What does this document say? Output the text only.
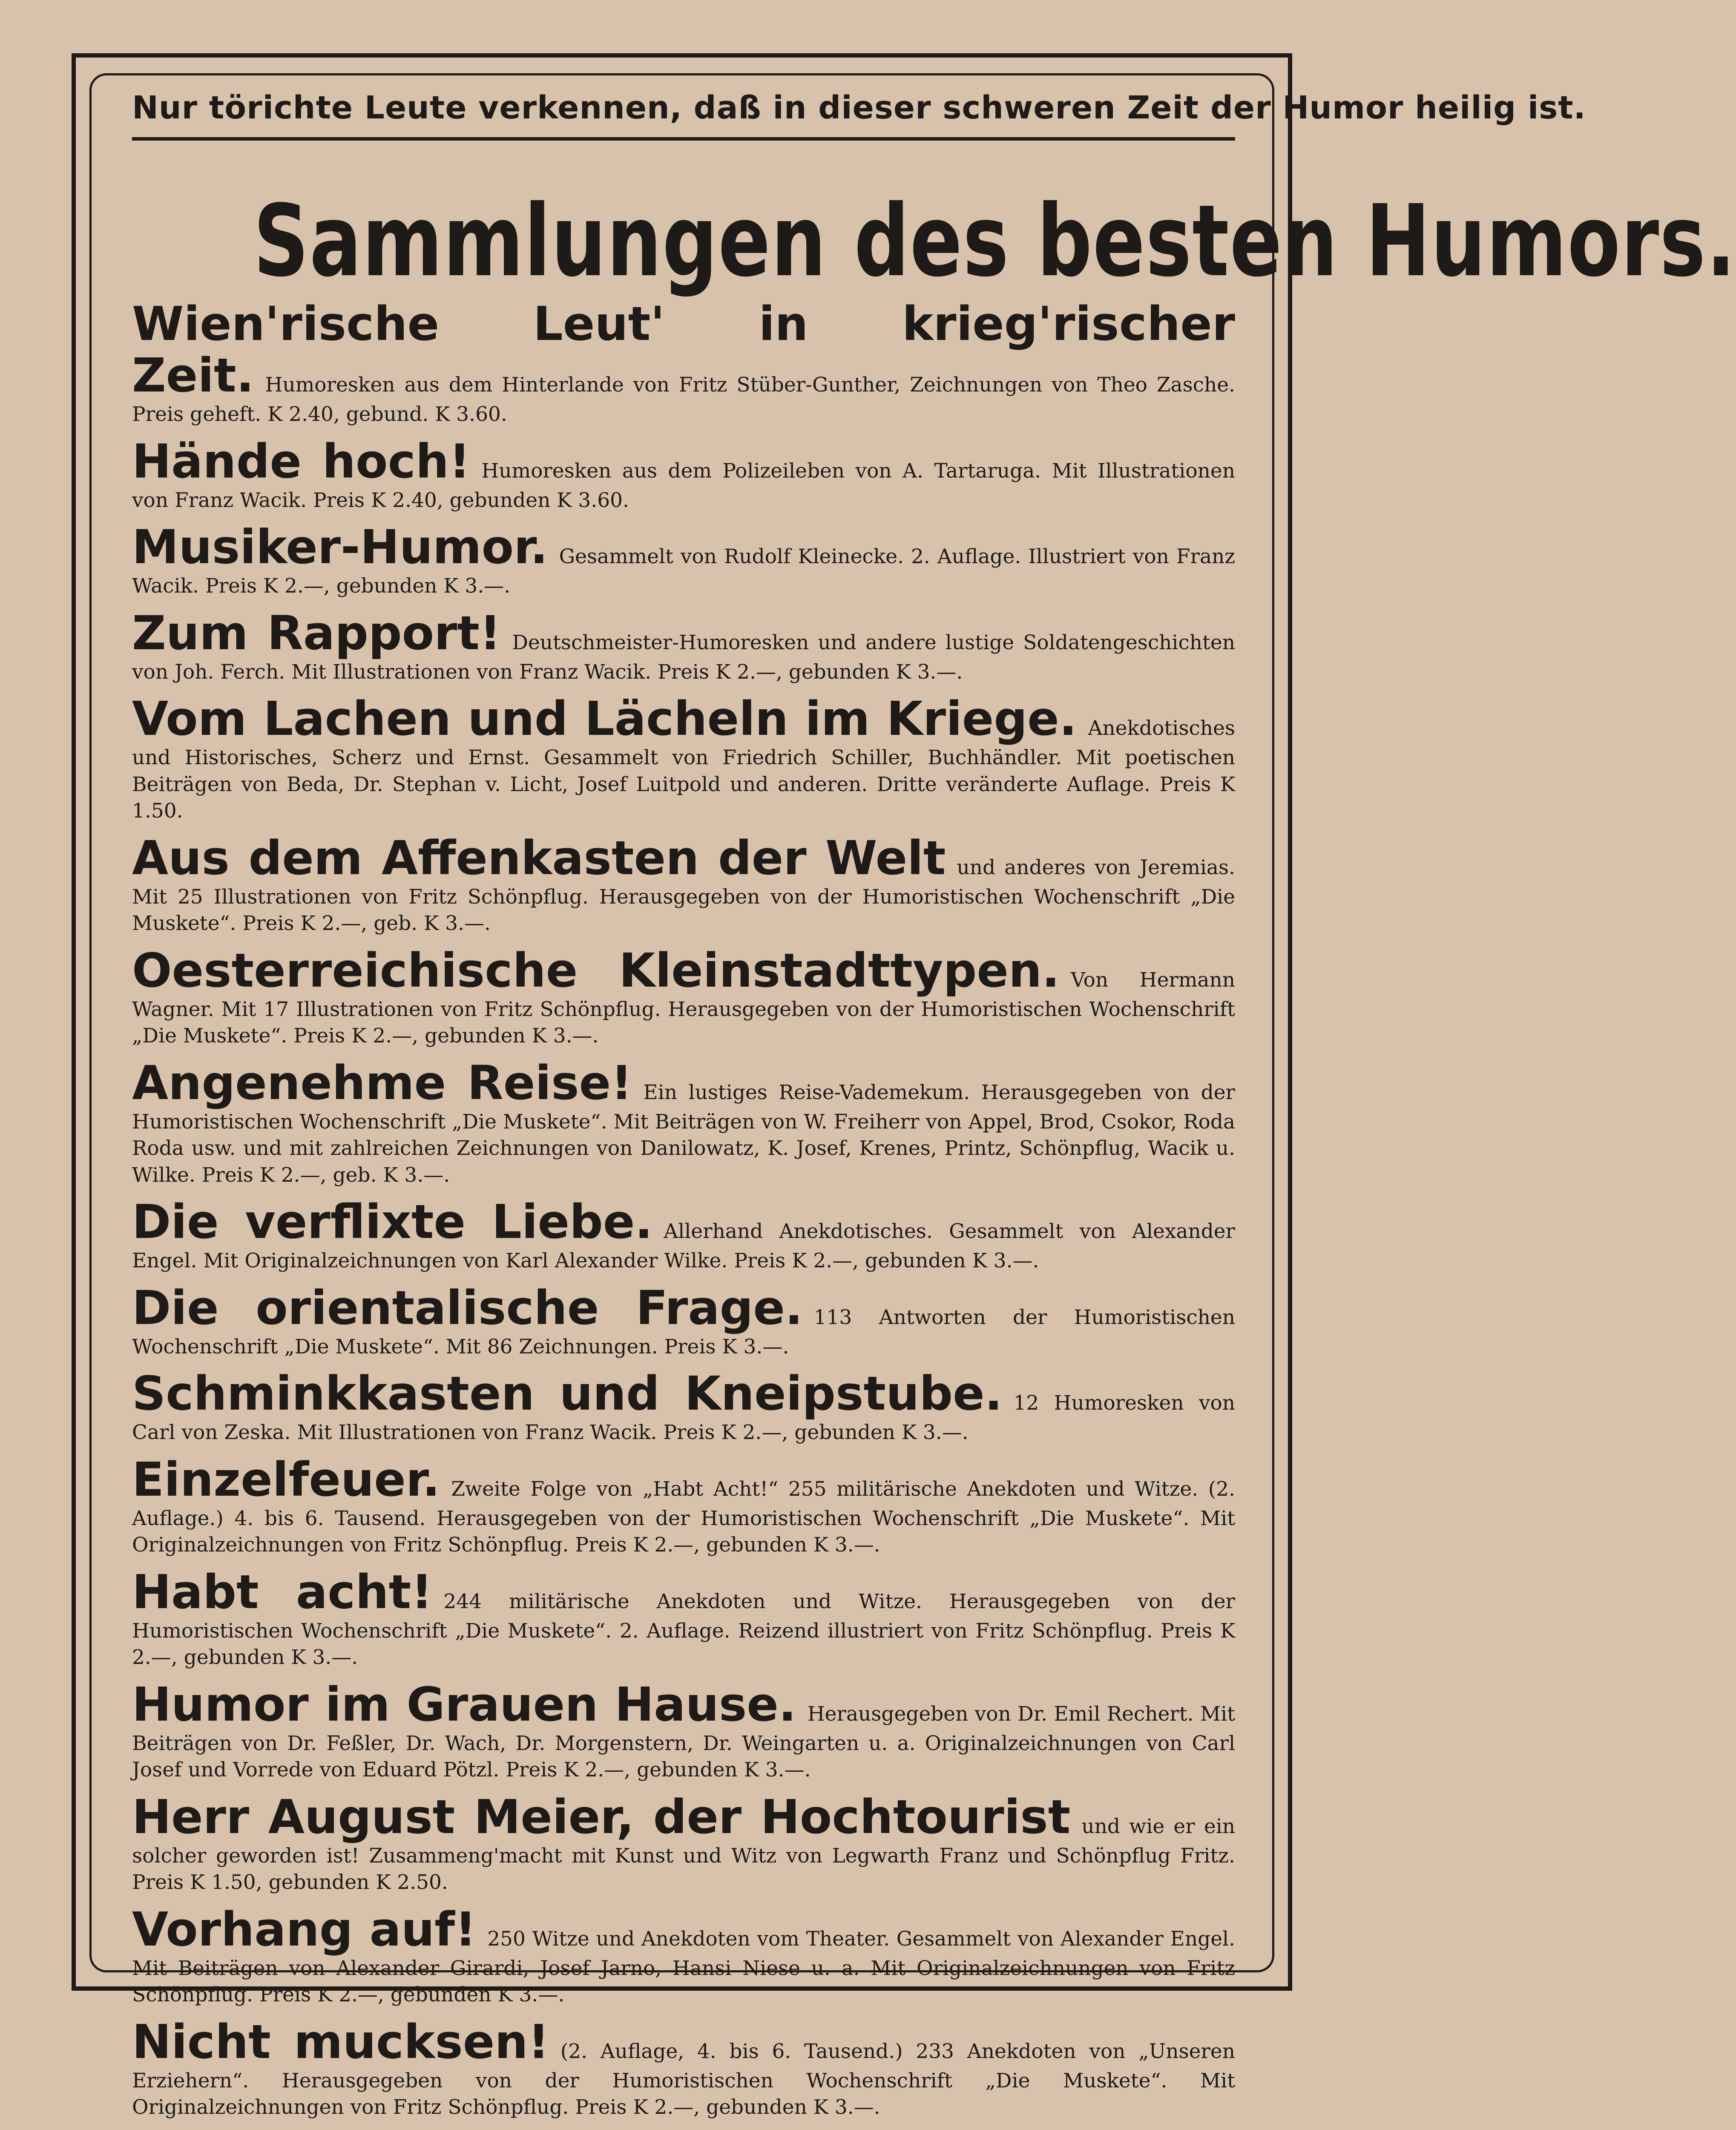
Nur törichte Leute verkennen, daß in dieser schweren Zeit der Humor heilig ist.
Sammlungen des besten Humors.
Wien'rische Leut' in krieg'rischer Zeit. Humoresken aus dem Hinterlande von Fritz Stüber-Gunther, Zeichnungen von Theo Zasche. Preis geheft. K 2.40, gebund. K 3.60.
Hände hoch! Humoresken aus dem Polizeileben von A. Tartaruga. Mit Illustrationen von Franz Wacik. Preis K 2.40, gebunden K 3.60.
Musiker-Humor. Gesammelt von Rudolf Kleinecke. 2. Auflage. Illustriert von Franz Wacik. Preis K 2.—, gebunden K 3.—.
Zum Rapport! Deutschmeister-Humoresken und andere lustige Soldatengeschichten von Joh. Ferch. Mit Illustrationen von Franz Wacik. Preis K 2.—, gebunden K 3.—.
Vom Lachen und Lächeln im Kriege. Anekdotisches und Historisches, Scherz und Ernst. Gesammelt von Friedrich Schiller, Buchhändler. Mit poetischen Beiträgen von Beda, Dr. Stephan v. Licht, Josef Luitpold und anderen. Dritte veränderte Auflage. Preis K 1.50.
Aus dem Affenkasten der Welt und anderes von Jeremias. Mit 25 Illustrationen von Fritz Schönpflug. Herausgegeben von der Humoristischen Wochenschrift „Die Muskete“. Preis K 2.—, geb. K 3.—.
Oesterreichische Kleinstadttypen. Von Hermann Wagner. Mit 17 Illustrationen von Fritz Schönpflug. Herausgegeben von der Humoristischen Wochenschrift „Die Muskete“. Preis K 2.—, gebunden K 3.—.
Angenehme Reise! Ein lustiges Reise-Vademekum. Herausgegeben von der Humoristischen Wochenschrift „Die Muskete“. Mit Beiträgen von W. Freiherr von Appel, Brod, Csokor, Roda Roda usw. und mit zahlreichen Zeichnungen von Danilowatz, K. Josef, Krenes, Printz, Schönpflug, Wacik u. Wilke. Preis K 2.—, geb. K 3.—.
Die verflixte Liebe. Allerhand Anekdotisches. Gesammelt von Alexander Engel. Mit Originalzeichnungen von Karl Alexander Wilke. Preis K 2.—, gebunden K 3.—.
Die orientalische Frage. 113 Antworten der Humoristischen Wochenschrift „Die Muskete“. Mit 86 Zeichnungen. Preis K 3.—.
Schminkkasten und Kneipstube. 12 Humoresken von Carl von Zeska. Mit Illustrationen von Franz Wacik. Preis K 2.—, gebunden K 3.—.
Einzelfeuer. Zweite Folge von „Habt Acht!“ 255 militärische Anekdoten und Witze. (2. Auflage.) 4. bis 6. Tausend. Herausgegeben von der Humoristischen Wochenschrift „Die Muskete“. Mit Originalzeichnungen von Fritz Schönpflug. Preis K 2.—, gebunden K 3.—.
Habt acht! 244 militärische Anekdoten und Witze. Herausgegeben von der Humoristischen Wochenschrift „Die Muskete“. 2. Auflage. Reizend illustriert von Fritz Schönpflug. Preis K 2.—, gebunden K 3.—.
Humor im Grauen Hause. Herausgegeben von Dr. Emil Rechert. Mit Beiträgen von Dr. Feßler, Dr. Wach, Dr. Morgenstern, Dr. Weingarten u. a. Originalzeichnungen von Carl Josef und Vorrede von Eduard Pötzl. Preis K 2.—, gebunden K 3.—.
Herr August Meier, der Hochtourist und wie er ein solcher geworden ist! Zusammeng'macht mit Kunst und Witz von Legwarth Franz und Schönpflug Fritz. Preis K 1.50, gebunden K 2.50.
Vorhang auf! 250 Witze und Anekdoten vom Theater. Gesammelt von Alexander Engel. Mit Beiträgen von Alexander Girardi, Josef Jarno, Hansi Niese u. a. Mit Originalzeichnungen von Fritz Schönpflug. Preis K 2.—, gebunden K 3.—.
Nicht mucksen! (2. Auflage, 4. bis 6. Tausend.) 233 Anekdoten von „Unseren Erziehern“. Herausgegeben von der Humoristischen Wochenschrift „Die Muskete“. Mit Originalzeichnungen von Fritz Schönpflug. Preis K 2.—, gebunden K 3.—.
